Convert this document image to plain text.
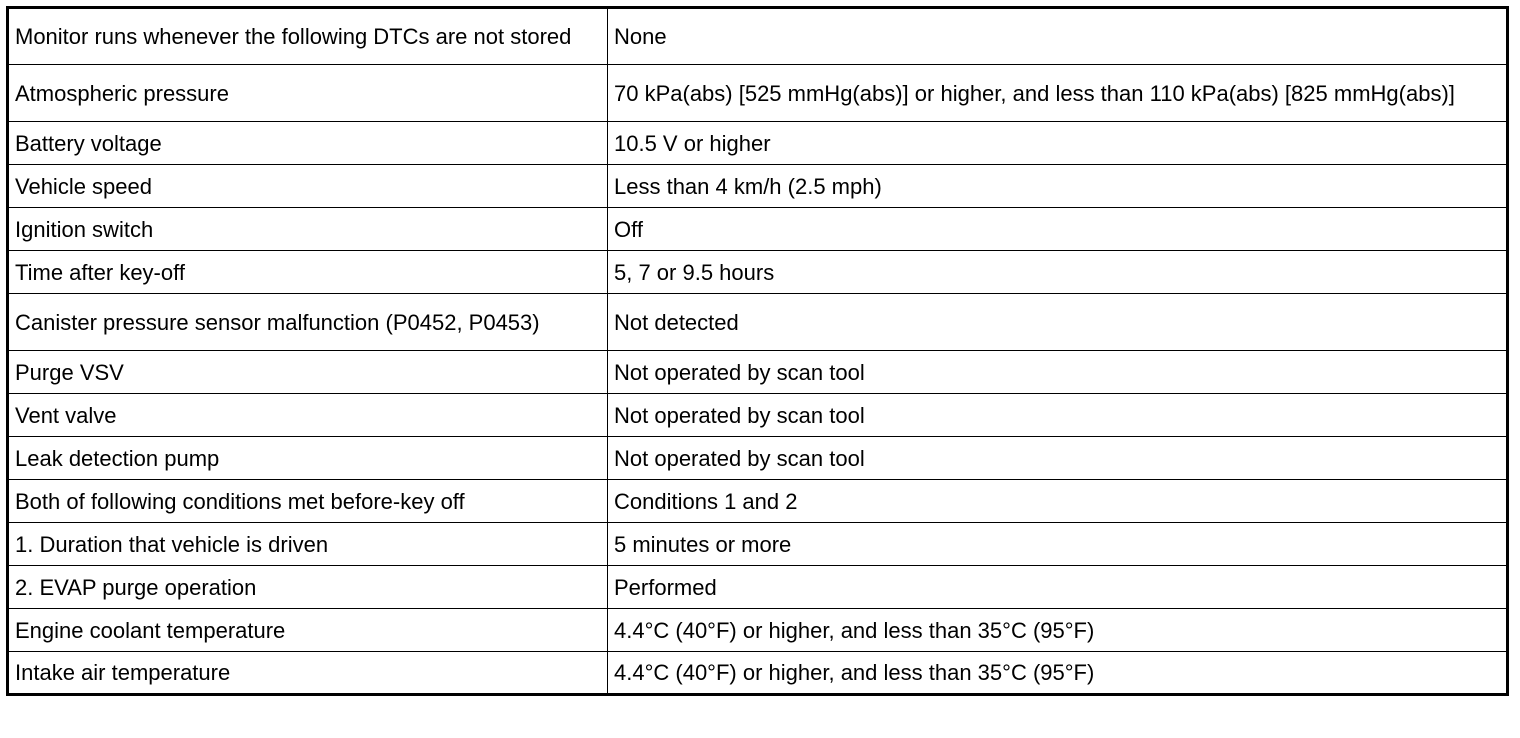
Monitor runs whenever the following DTCs are not stored	None
Atmospheric pressure	70 kPa(abs) [525 mmHg(abs)] or higher, and less than 110 kPa(abs) [825 mmHg(abs)]
Battery voltage	10.5 V or higher
Vehicle speed	Less than 4 km/h (2.5 mph)
Ignition switch	Off
Time after key-off	5, 7 or 9.5 hours
Canister pressure sensor malfunction (P0452, P0453)	Not detected
Purge VSV	Not operated by scan tool
Vent valve	Not operated by scan tool
Leak detection pump	Not operated by scan tool
Both of following conditions met before-key off	Conditions 1 and 2
1. Duration that vehicle is driven	5 minutes or more
2. EVAP purge operation	Performed
Engine coolant temperature	4.4°C (40°F) or higher, and less than 35°C (95°F)
Intake air temperature	4.4°C (40°F) or higher, and less than 35°C (95°F)
